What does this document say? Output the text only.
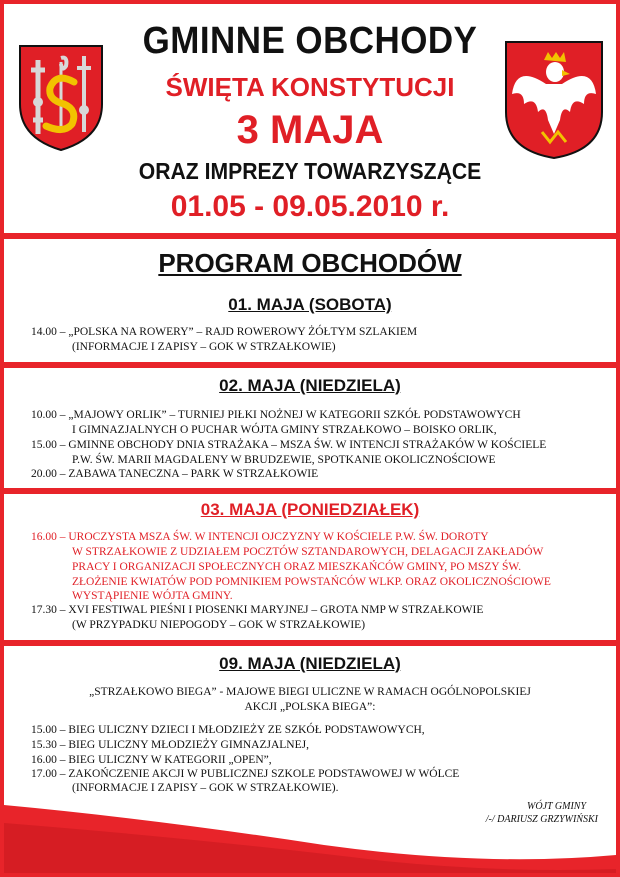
GMINNE OBCHODY
ŚWIĘTA KONSTYTUCJI
3 MAJA
ORAZ IMPREZY TOWARZYSZĄCE
01.05 - 09.05.2010 r.
PROGRAM OBCHODÓW
01. MAJA (SOBOTA)
14.00 – „POLSKA NA ROWERY” – RAJD ROWEROWY ŻÓŁTYM SZLAKIEM
(INFORMACJE I ZAPISY – GOK W STRZAŁKOWIE)
02. MAJA (NIEDZIELA)
10.00 – „MAJOWY ORLIK” – TURNIEJ PIŁKI NOŻNEJ W KATEGORII SZKÓŁ PODSTAWOWYCH
I GIMNAZJALNYCH O PUCHAR WÓJTA GMINY STRZAŁKOWO – BOISKO ORLIK,
15.00 – GMINNE OBCHODY DNIA STRAŻAKA – MSZA ŚW. W INTENCJI STRAŻAKÓW W KOŚCIELE
P.W. ŚW. MARII MAGDALENY W BRUDZEWIE, SPOTKANIE OKOLICZNOŚCIOWE
20.00 – ZABAWA TANECZNA – PARK W STRZAŁKOWIE
03. MAJA (PONIEDZIAŁEK)
16.00 – UROCZYSTA MSZA ŚW. W INTENCJI OJCZYZNY W KOŚCIELE P.W. ŚW. DOROTY
W STRZAŁKOWIE Z UDZIAŁEM POCZTÓW SZTANDAROWYCH, DELAGACJI ZAKŁADÓW
PRACY I ORGANIZACJI SPOŁECZNYCH ORAZ MIESZKAŃCÓW GMINY, PO MSZY ŚW.
ZŁOŻENIE KWIATÓW POD POMNIKIEM POWSTAŃCÓW WLKP. ORAZ OKOLICZNOŚCIOWE
WYSTĄPIENIE WÓJTA GMINY.
17.30 – XVI FESTIWAL PIEŚNI I PIOSENKI MARYJNEJ – GROTA NMP W STRZAŁKOWIE
(W PRZYPADKU NIEPOGODY – GOK W STRZAŁKOWIE)
09. MAJA (NIEDZIELA)
„STRZAŁKOWO BIEGA” - MAJOWE BIEGI ULICZNE W RAMACH OGÓLNOPOLSKIEJ
AKCJI „POLSKA BIEGA”:
15.00 – BIEG ULICZNY DZIECI I MŁODZIEŻY ZE SZKÓŁ PODSTAWOWYCH,
15.30 – BIEG ULICZNY MŁODZIEŻY GIMNAZJALNEJ,
16.00 – BIEG ULICZNY W KATEGORII „OPEN”,
17.00 – ZAKOŃCZENIE AKCJI W PUBLICZNEJ SZKOLE PODSTAWOWEJ W WÓLCE
(INFORMACJE I ZAPISY – GOK W STRZAŁKOWIE).
WÓJT GMINY
/-/ DARIUSZ GRZYWIŃSKI
